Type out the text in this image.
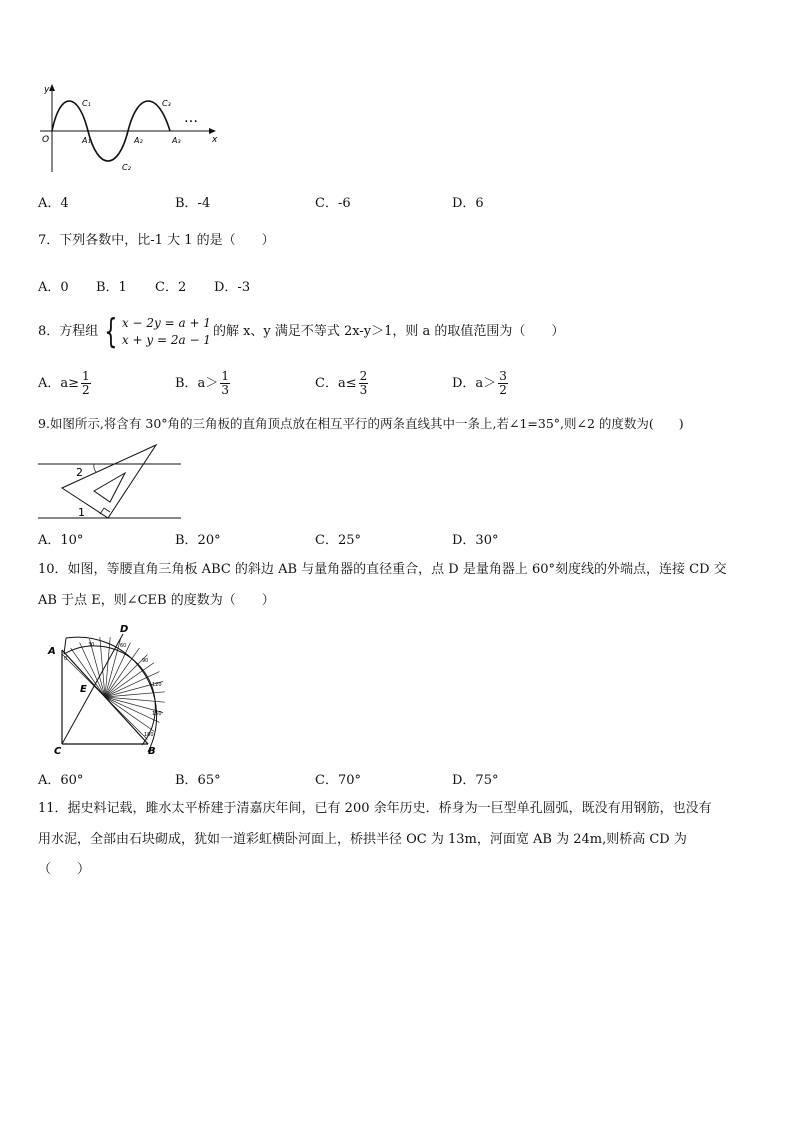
y
x
O	A₁	A₂	A₃
C₁
C₂
C₃
…
A．4	B．-4	C．-6	D．6
7．下列各数中，比-1 大 1 的是（　　）
A．0 B．1 C．2 D．-3
8．方程组 { x − 2y = a + 1
x + y = 2a − 1
的解 x、y 满足不等式 2x-y＞1，则 a 的取值范围为（　　）
A．$a\ge \frac{1}{2}$	B．$a> \frac{1}{3}$	C．$a\le \frac{2}{3}$	D．$a> \frac{3}{2}$
9.如图所示,将含有 30°角的三角板的直角顶点放在相互平行的两条直线其中一条上,若∠1=35°,则∠2 的度数为(　　)
2
1
A．10°	B．20°	C．25°	D．30°
10．如图，等腰直角三角板 ABC 的斜边 AB 与量角器的直径重合，点 D 是量角器上 60°刻度线的外端点，连接 CD 交
AB 于点 E，则∠CEB 的度数为（　　）
A
B
C
D
E
0
30	60
90
120
150
180
A．60°	B．65°	C．70°	D．75°
11．据史料记载，雎水太平桥建于清嘉庆年间，已有 200 余年历史．桥身为一巨型单孔圆弧，既没有用钢筋，也没有
用水泥，全部由石块砌成，犹如一道彩虹横卧河面上，桥拱半径 OC 为 13m，河面宽 AB 为 24m,则桥高 CD 为
（　　）
